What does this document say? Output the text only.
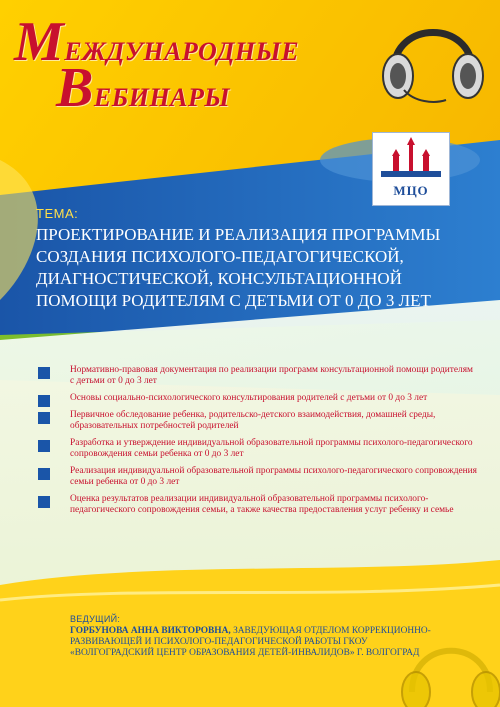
МЕЖДУНАРОДНЫЕ
ВЕБИНАРЫ
МЦО
ТЕМА:
ПРОЕКТИРОВАНИЕ И РЕАЛИЗАЦИЯ ПРОГРАММЫ СОЗДАНИЯ ПСИХОЛОГО-ПЕДАГОГИЧЕСКОЙ, ДИАГНОСТИЧЕСКОЙ, КОНСУЛЬТАЦИОННОЙ ПОМОЩИ РОДИТЕЛЯМ С ДЕТЬМИ ОТ 0 ДО 3 ЛЕТ
Нормативно-правовая документация по реализации программ консультационной помощи родителям с детьми от 0 до 3 лет
Основы социально-психологического консультирования родителей с детьми от 0 до 3 лет
Первичное обследование ребенка, родительско-детского взаимодействия, домашней среды, образовательных потребностей родителей
Разработка и утверждение индивидуальной образовательной программы психолого-педагогического сопровождения семьи ребенка от 0 до 3 лет
Реализация индивидуальной образовательной программы психолого-педагогического сопровождения семьи ребенка от 0 до 3 лет
Оценка результатов реализации индивидуальной образовательной программы психолого-педагогического сопровождения семьи, а также качества предоставления услуг ребенку и семье
ВЕДУЩИЙ:
ГОРБУНОВА АННА ВИКТОРОВНА, ЗАВЕДУЮЩАЯ ОТДЕЛОМ КОРРЕКЦИОННО-РАЗВИВАЮЩЕЙ И ПСИХОЛОГО-ПЕДАГОГИЧЕСКОЙ РАБОТЫ ГКОУ «ВОЛГОГРАДСКИЙ ЦЕНТР ОБРАЗОВАНИЯ ДЕТЕЙ-ИНВАЛИДОВ» Г. ВОЛГОГРАД
